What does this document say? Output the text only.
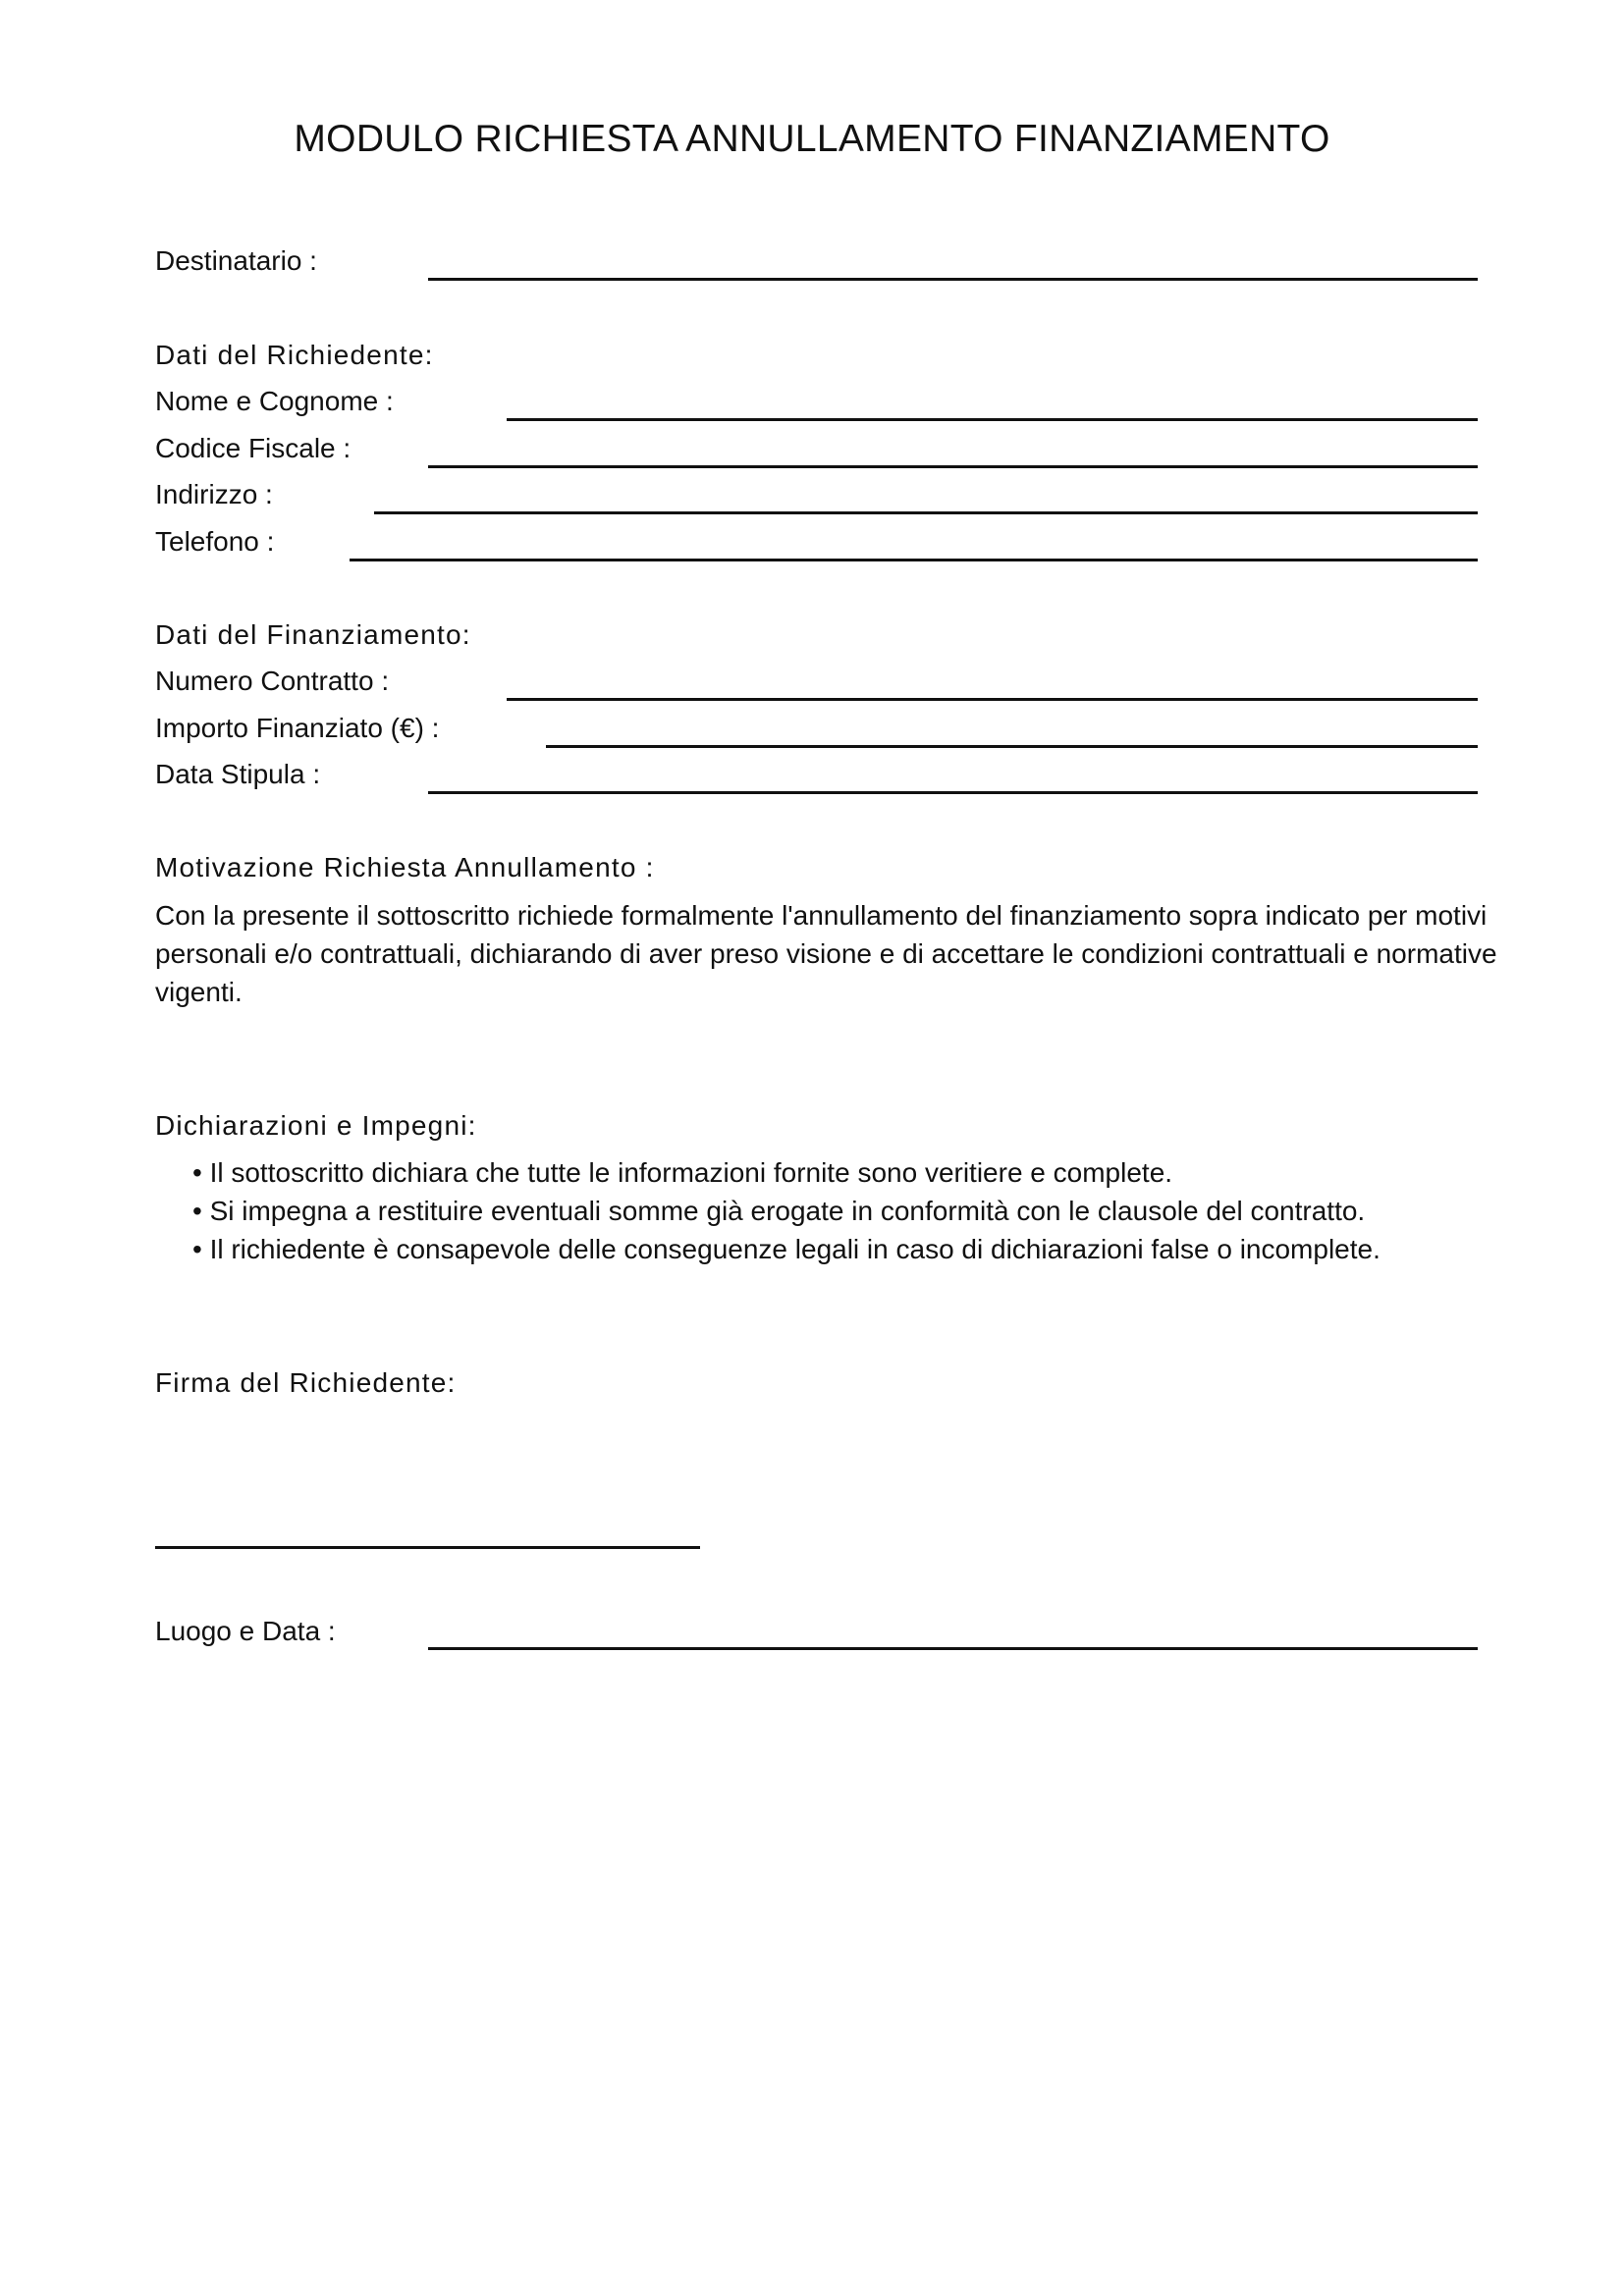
MODULO RICHIESTA ANNULLAMENTO FINANZIAMENTO
Destinatario :
Dati del Richiedente:
Nome e Cognome :
Codice Fiscale :
Indirizzo :
Telefono :
Dati del Finanziamento:
Numero Contratto :
Importo Finanziato (€) :
Data Stipula :
Motivazione Richiesta Annullamento :
Con la presente il sottoscritto richiede formalmente l'annullamento del finanziamento sopra indicato per motivi personali e/o contrattuali, dichiarando di aver preso visione e di accettare le condizioni contrattuali e normative vigenti.
Dichiarazioni e Impegni:
• Il sottoscritto dichiara che tutte le informazioni fornite sono veritiere e complete.
• Si impegna a restituire eventuali somme già erogate in conformità con le clausole del contratto.
• Il richiedente è consapevole delle conseguenze legali in caso di dichiarazioni false o incomplete.
Firma del Richiedente:
Luogo e Data :
